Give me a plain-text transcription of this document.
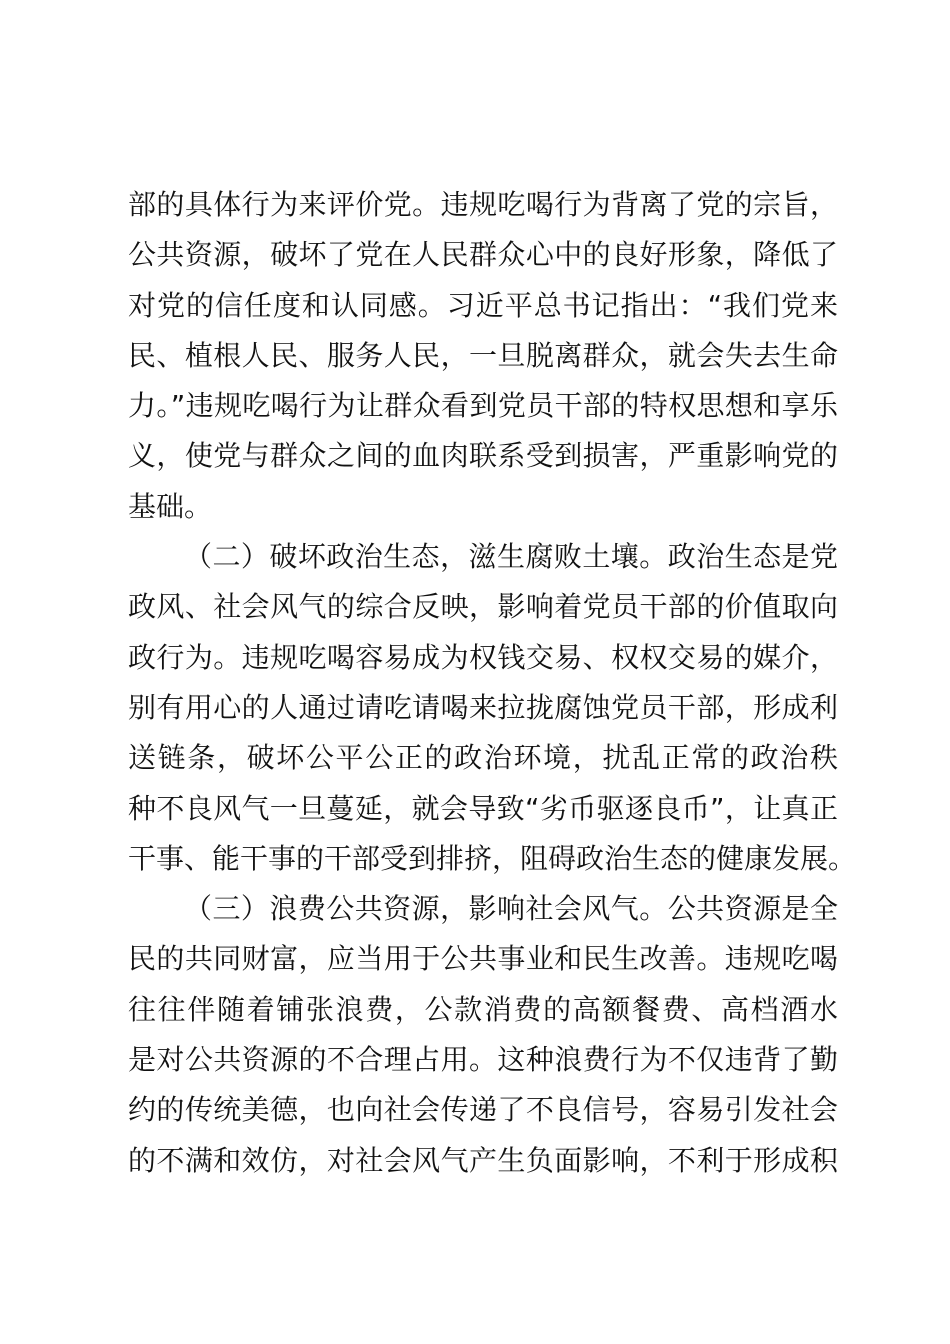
部的具体行为来评价党。违规吃喝行为背离了党的宗旨，
公共资源，破坏了党在人民群众心中的良好形象，降低了
对党的信任度和认同感。习近平总书记指出：“我们党来
民、植根人民、服务人民，一旦脱离群众，就会失去生命
力。”违规吃喝行为让群众看到党员干部的特权思想和享乐
义，使党与群众之间的血肉联系受到损害，严重影响党的
基础。
（二）破坏政治生态，滋生腐败土壤。政治生态是党
政风、社会风气的综合反映，影响着党员干部的价值取向
政行为。违规吃喝容易成为权钱交易、权权交易的媒介，
别有用心的人通过请吃请喝来拉拢腐蚀党员干部，形成利
送链条，破坏公平公正的政治环境，扰乱正常的政治秩
种不良风气一旦蔓延，就会导致“劣币驱逐良币”，让真正
干事、能干事的干部受到排挤，阻碍政治生态的健康发展。
（三）浪费公共资源，影响社会风气。公共资源是全
民的共同财富，应当用于公共事业和民生改善。违规吃喝
往往伴随着铺张浪费，公款消费的高额餐费、高档酒水
是对公共资源的不合理占用。这种浪费行为不仅违背了勤
约的传统美德，也向社会传递了不良信号，容易引发社会
的不满和效仿，对社会风气产生负面影响，不利于形成积
